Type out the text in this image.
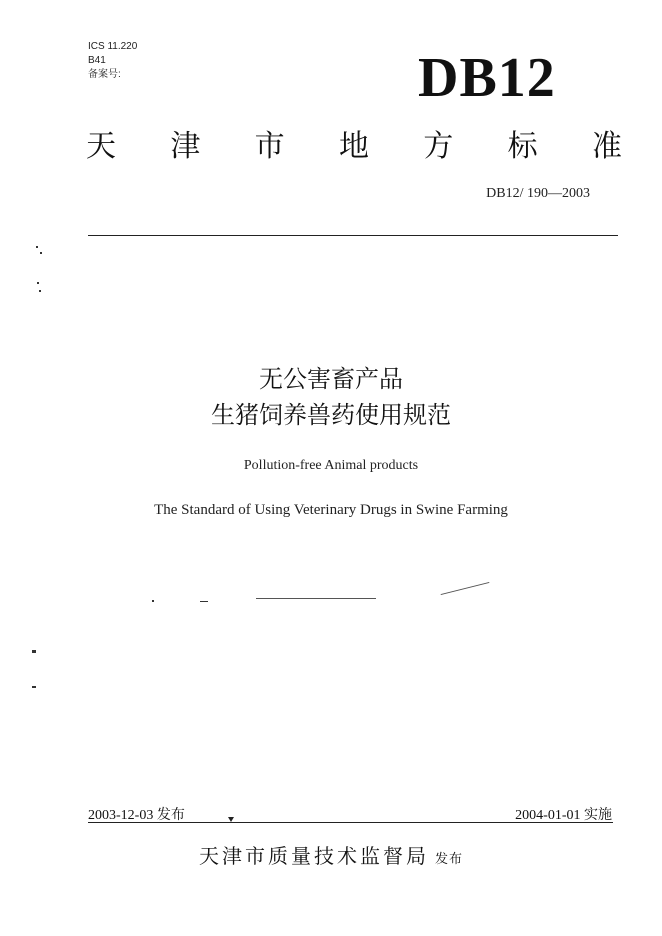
ICS 11.220
B41
备案号:	DB12
天 津 市 地 方 标 准
DB12/ 190—2003
无公害畜产品
生猪饲养兽药使用规范
Pollution-free Animal products
The Standard of Using Veterinary Drugs in Swine Farming
2003-12-03 发布	2004-01-01 实施
天津市质量技术监督局 发布
